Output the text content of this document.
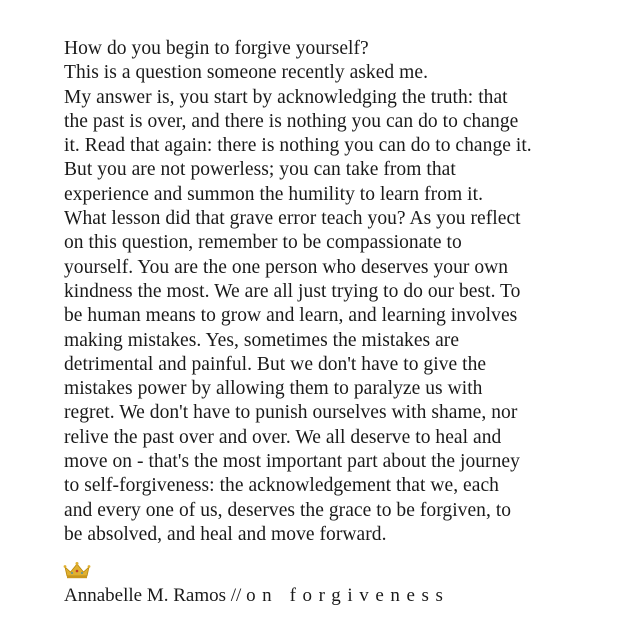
How do you begin to forgive yourself?
This is a question someone recently asked me.
My answer is, you start by acknowledging the truth: that
the past is over, and there is nothing you can do to change
it. Read that again: there is nothing you can do to change it.
But you are not powerless; you can take from that
experience and summon the humility to learn from it.
What lesson did that grave error teach you? As you reflect
on this question, remember to be compassionate to
yourself. You are the one person who deserves your own
kindness the most. We are all just trying to do our best. To
be human means to grow and learn, and learning involves
making mistakes. Yes, sometimes the mistakes are
detrimental and painful. But we don't have to give the
mistakes power by allowing them to paralyze us with
regret. We don't have to punish ourselves with shame, nor
relive the past over and over. We all deserve to heal and
move on - that's the most important part about the journey
to self-forgiveness: the acknowledgement that we, each
and every one of us, deserves the grace to be forgiven, to
be absolved, and heal and move forward.
Annabelle M. Ramos // on forgiveness
